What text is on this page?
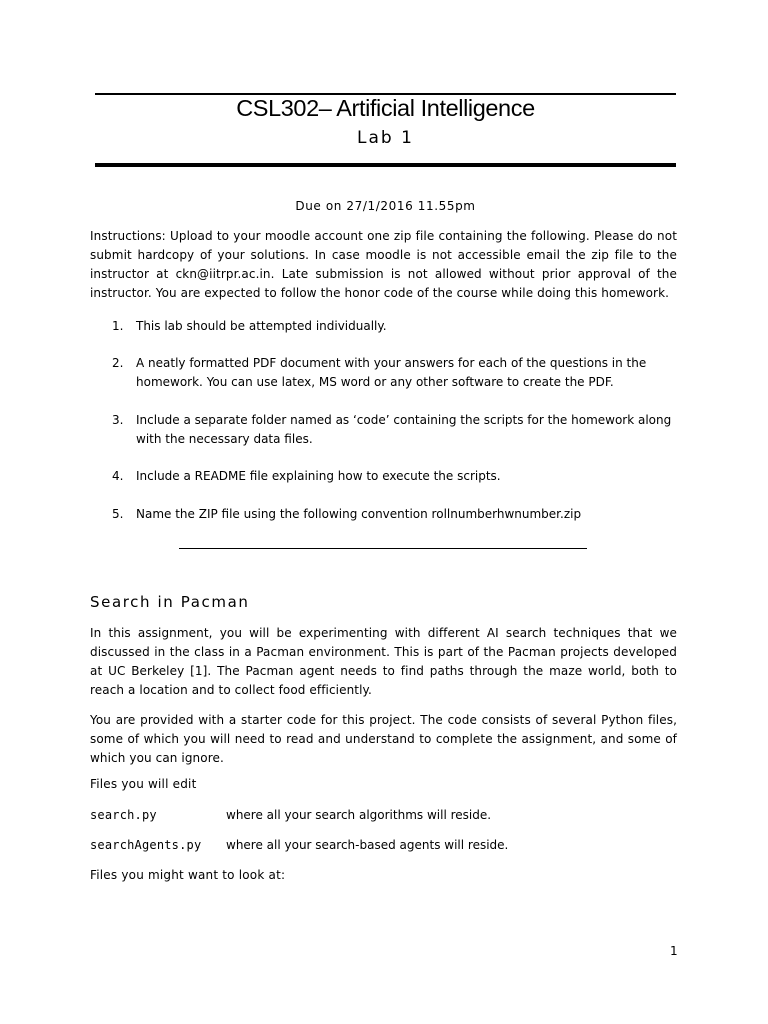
CSL302– Artificial Intelligence
Lab 1
Due on 27/1/2016 11.55pm
Instructions: Upload to your moodle account one zip file containing the following. Please do not submit hardcopy of your solutions. In case moodle is not accessible email the zip file to the instructor at ckn@iitrpr.ac.in. Late submission is not allowed without prior approval of the instructor. You are expected to follow the honor code of the course while doing this homework.
1.	This lab should be attempted individually.
2.	A neatly formatted PDF document with your answers for each of the questions in the homework. You can use latex, MS word or any other software to create the PDF.
3.	Include a separate folder named as ‘code’ containing the scripts for the homework along with the necessary data files.
4.	Include a README file explaining how to execute the scripts.
5.	Name the ZIP file using the following convention rollnumberhwnumber.zip
Search in Pacman
In this assignment, you will be experimenting with different AI search techniques that we discussed in the class in a Pacman environment. This is part of the Pacman projects developed at UC Berkeley [1]. The Pacman agent needs to find paths through the maze world, both to reach a location and to collect food efficiently.
You are provided with a starter code for this project. The code consists of several Python files, some of which you will need to read and understand to complete the assignment, and some of which you can ignore.
Files you will edit
search.py	where all your search algorithms will reside.
searchAgents.py where all your search-based agents will reside.
Files you might want to look at:
1
